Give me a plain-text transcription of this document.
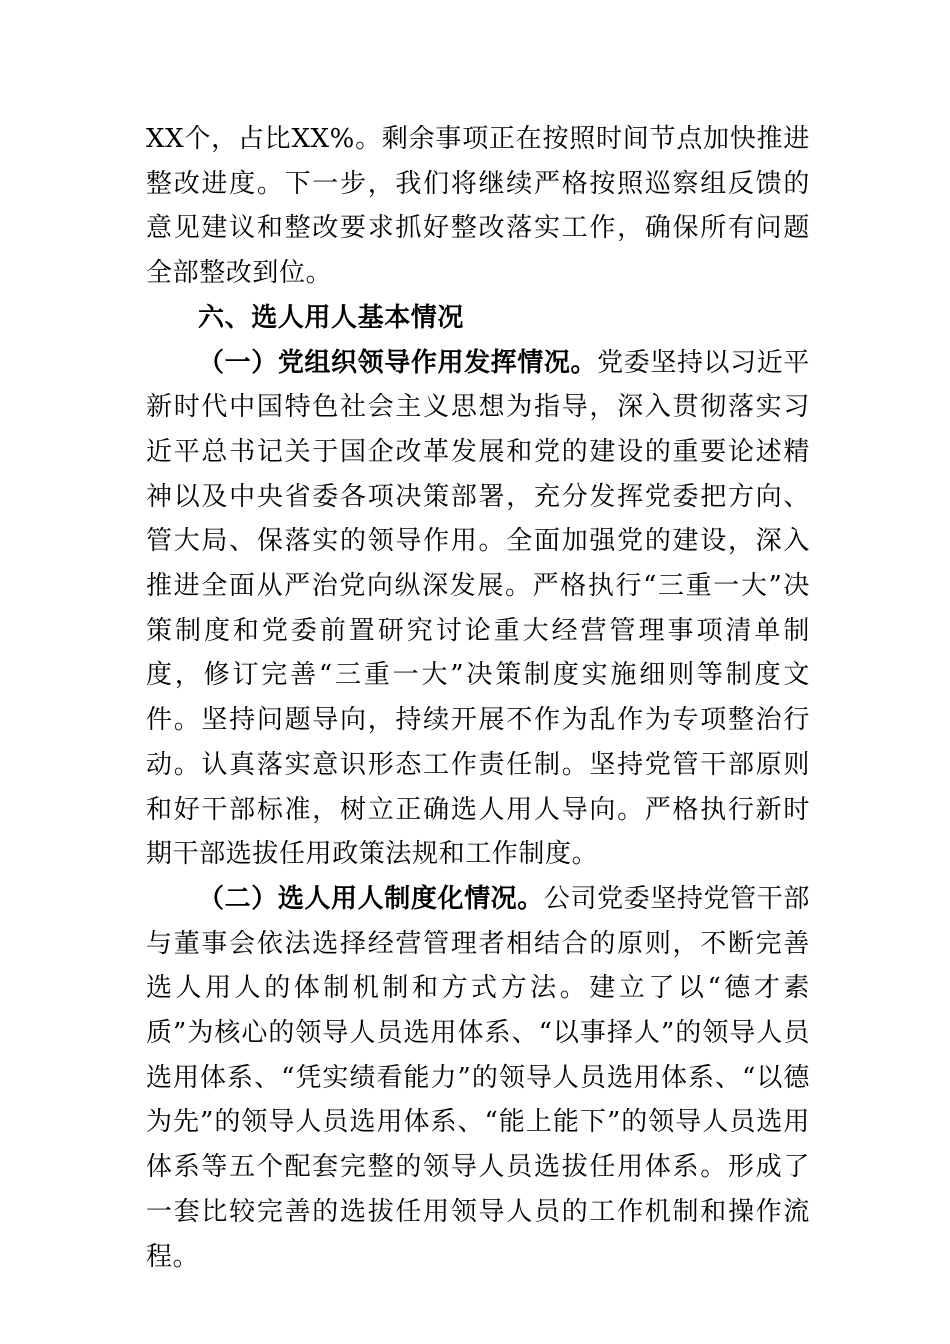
XX个，占比XX%。剩余事项正在按照时间节点加快推进整改进度。下一步，我们将继续严格按照巡察组反馈的意见建议和整改要求抓好整改落实工作，确保所有问题全部整改到位。

六、选人用人基本情况

（一）党组织领导作用发挥情况。党委坚持以习近平新时代中国特色社会主义思想为指导，深入贯彻落实习近平总书记关于国企改革发展和党的建设的重要论述精神以及中央省委各项决策部署，充分发挥党委把方向、管大局、保落实的领导作用。全面加强党的建设，深入推进全面从严治党向纵深发展。严格执行“三重一大”决策制度和党委前置研究讨论重大经营管理事项清单制度，修订完善“三重一大”决策制度实施细则等制度文件。坚持问题导向，持续开展不作为乱作为专项整治行动。认真落实意识形态工作责任制。坚持党管干部原则和好干部标准，树立正确选人用人导向。严格执行新时期干部选拔任用政策法规和工作制度。

（二）选人用人制度化情况。公司党委坚持党管干部与董事会依法选择经营管理者相结合的原则，不断完善选人用人的体制机制和方式方法。建立了以“德才素质”为核心的领导人员选用体系、“以事择人”的领导人员选用体系、“凭实绩看能力”的领导人员选用体系、“以德为先”的领导人员选用体系、“能上能下”的领导人员选用体系等五个配套完整的领导人员选拔任用体系。形成了一套比较完善的选拔任用领导人员的工作机制和操作流程。
